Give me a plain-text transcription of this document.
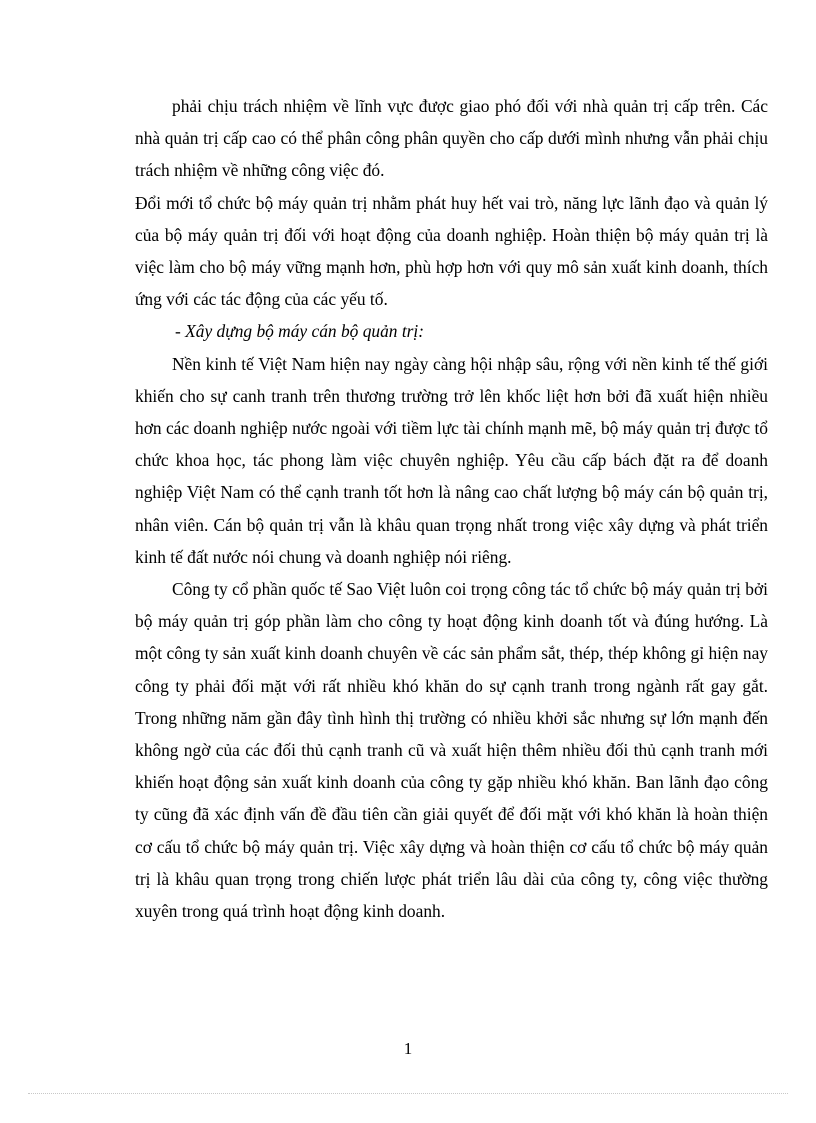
phải chịu trách nhiệm về lĩnh vực được giao phó đối với nhà quản trị cấp trên. Các nhà quản trị cấp cao có thể phân công phân quyền cho cấp dưới mình nhưng vẫn phải chịu trách nhiệm về những công việc đó.

Đổi mới tổ chức bộ máy quản trị nhằm phát huy hết vai trò, năng lực lãnh đạo và quản lý của bộ máy quản trị đối với hoạt động của doanh nghiệp. Hoàn thiện bộ máy quản trị là việc làm cho bộ máy vững mạnh hơn, phù hợp hơn với quy mô sản xuất kinh doanh, thích ứng với các tác động của các yếu tố.

- Xây dựng bộ máy cán bộ quản trị:

Nền kinh tế Việt Nam hiện nay ngày càng hội nhập sâu, rộng với nền kinh tế thế giới khiến cho sự canh tranh trên thương trường trở lên khốc liệt hơn bởi đã xuất hiện nhiều hơn các doanh nghiệp nước ngoài với tiềm lực tài chính mạnh mẽ, bộ máy quản trị được tổ chức khoa học, tác phong làm việc chuyên nghiệp. Yêu cầu cấp bách đặt ra để doanh nghiệp Việt Nam có thể cạnh tranh tốt hơn là nâng cao chất lượng bộ máy cán bộ quản trị, nhân viên. Cán bộ quản trị vẫn là khâu quan trọng nhất trong việc xây dựng và phát triển kinh tế đất nước nói chung và doanh nghiệp nói riêng.

Công ty cổ phần quốc tế Sao Việt luôn coi trọng công tác tổ chức bộ máy quản trị bởi bộ máy quản trị góp phần làm cho công ty hoạt động kinh doanh tốt và đúng hướng. Là một công ty sản xuất kinh doanh chuyên về các sản phẩm sắt, thép, thép không gỉ hiện nay công ty phải đối mặt với rất nhiều khó khăn do sự cạnh tranh trong ngành rất gay gắt. Trong những năm gần đây tình hình thị trường có nhiều khởi sắc nhưng sự lớn mạnh đến không ngờ của các đối thủ cạnh tranh cũ và xuất hiện thêm nhiều đối thủ cạnh tranh mới khiến hoạt động sản xuất kinh doanh của công ty gặp nhiều khó khăn. Ban lãnh đạo công ty cũng đã xác định vấn đề đầu tiên cần giải quyết để đối mặt với khó khăn là hoàn thiện cơ cấu tổ chức bộ máy quản trị. Việc xây dựng và hoàn thiện cơ cấu tổ chức bộ máy quản trị là khâu quan trọng trong chiến lược phát triển lâu dài của công ty, công việc thường xuyên trong quá trình hoạt động kinh doanh.

1
